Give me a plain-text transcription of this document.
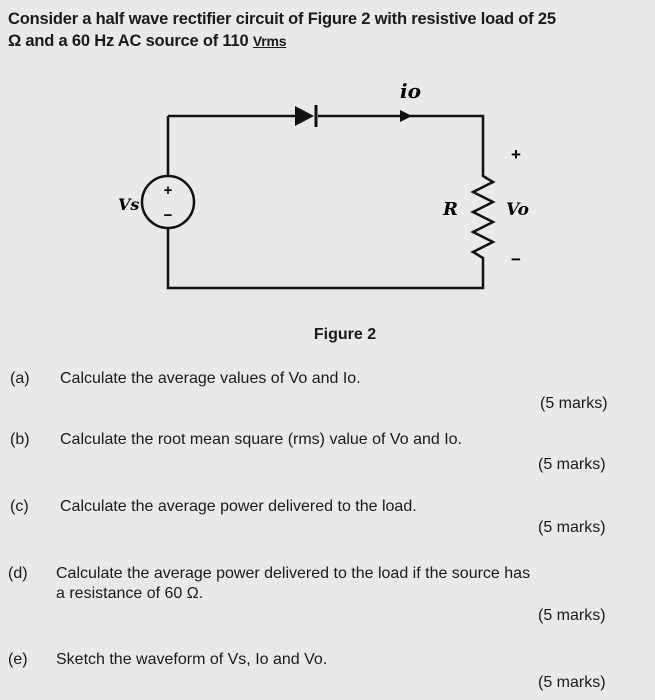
Consider a half wave rectifier circuit of Figure 2 with resistive load of 25
Ω and a 60 Hz AC source of 110 Vrms
io
+
−
Vs	R
+
Vo
−
Figure 2
(a) Calculate the average values of Vo and Io.
(5 marks)
(b) Calculate the root mean square (rms) value of Vo and Io.
(5 marks)
(c) Calculate the average power delivered to the load.
(5 marks)
(d) Calculate the average power delivered to the load if the source has
a resistance of 60 Ω.
(5 marks)
(e) Sketch the waveform of Vs, Io and Vo.
(5 marks)
